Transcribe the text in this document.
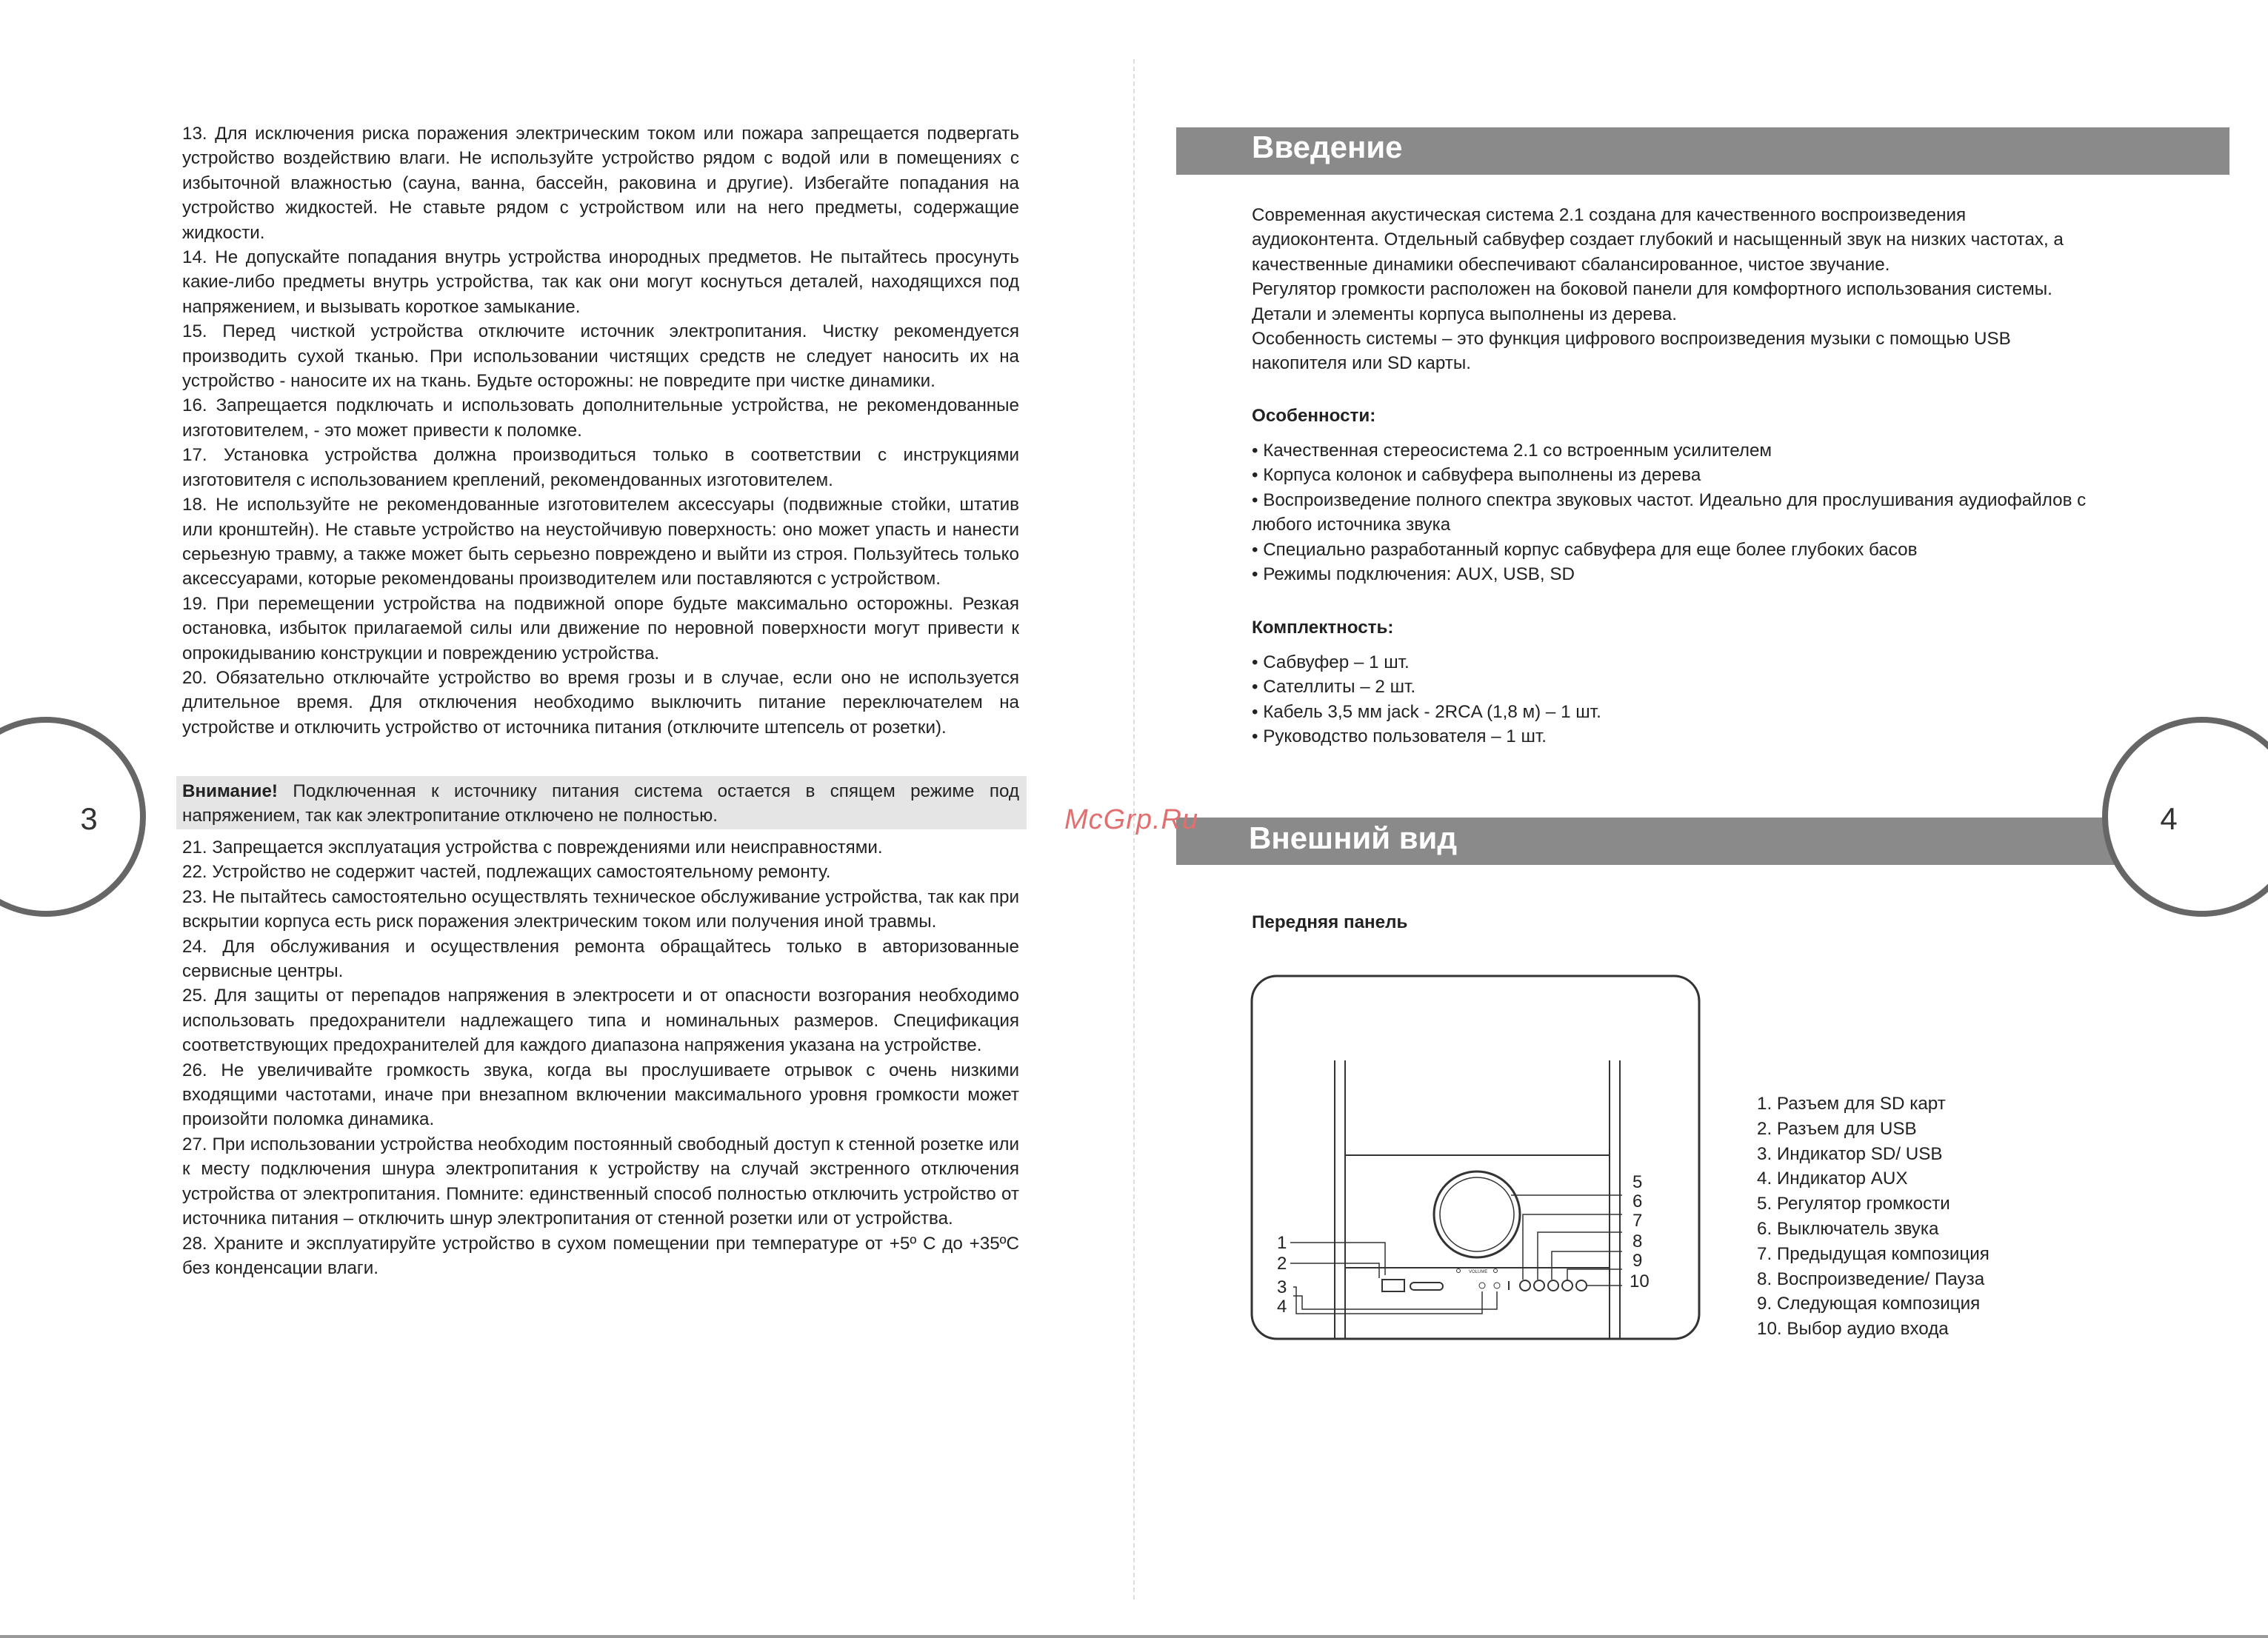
13. Для исключения риска поражения электрическим током или пожара запрещается подвергать устройство воздействию влаги. Не используйте устройство рядом с водой или в помещениях с избыточной влажностью (сауна, ванна, бассейн, раковина и другие). Избегайте попадания на устройство жидкостей. Не ставьте рядом с устройством или на него предметы, содержащие жидкости.

14. Не допускайте попадания внутрь устройства инородных предметов. Не пытайтесь просунуть какие-либо предметы внутрь устройства, так как они могут коснуться деталей, находящихся под напряжением, и вызывать короткое замыкание.

15. Перед чисткой устройства отключите источник электропитания. Чистку рекомендуется производить сухой тканью. При использовании чистящих средств не следует наносить их на устройство - наносите их на ткань. Будьте осторожны: не повредите при чистке динамики.

16. Запрещается подключать и использовать дополнительные устройства, не рекомендованные изготовителем, - это может привести к поломке.

17. Установка устройства должна производиться только в соответствии с инструкциями изготовителя с использованием креплений, рекомендованных изготовителем.

18. Не используйте не рекомендованные изготовителем аксессуары (подвижные стойки, штатив или кронштейн). Не ставьте устройство на неустойчивую поверхность: оно может упасть и нанести серьезную травму, а также может быть серьезно повреждено и выйти из строя. Пользуйтесь только аксессуарами, которые рекомендованы производителем или поставляются с устройством.

19. При перемещении устройства на подвижной опоре будьте максимально осторожны. Резкая остановка, избыток прилагаемой силы или движение по неровной поверхности могут привести к опрокидыванию конструкции и повреждению устройства.

20. Обязательно отключайте устройство во время грозы и в случае, если оно не используется длительное время. Для отключения необходимо выключить питание переключателем на устройстве и отключить устройство от источника питания (отключите штепсель от розетки).

Внимание! Подключенная к источнику питания система остается в спящем режиме под напряжением, так как электропитание отключено не полностью.

21. Запрещается эксплуатация устройства с повреждениями или неисправностями.

22. Устройство не содержит частей, подлежащих самостоятельному ремонту.

23. Не пытайтесь самостоятельно осуществлять техническое обслуживание устройства, так как при вскрытии корпуса есть риск поражения электрическим током или получения иной травмы.

24. Для обслуживания и осуществления ремонта обращайтесь только в авторизованные сервисные центры.

25. Для защиты от перепадов напряжения в электросети и от опасности возгорания необходимо использовать предохранители надлежащего типа и номинальных размеров. Спецификация соответствующих предохранителей для каждого диапазона напряжения указана на устройстве.

26. Не увеличивайте громкость звука, когда вы прослушиваете отрывок с очень низкими входящими частотами, иначе при внезапном включении максимального уровня громкости может произойти поломка динамика.

27. При использовании устройства необходим постоянный свободный доступ к стенной розетке или к месту подключения шнура электропитания к устройству на случай экстренного отключения устройства от электропитания. Помните: единственный способ полностью отключить устройство от источника питания – отключить шнур электропитания от стенной розетки или от устройства.

28. Храните и эксплуатируйте устройство в сухом помещении при температуре от +5º С до +35ºС без конденсации влаги.

3
Введение

Современная акустическая система 2.1 создана для качественного воспроизведения аудиоконтента. Отдельный сабвуфер создает глубокий и насыщенный звук на низких частотах, а качественные динамики обеспечивают сбалансированное, чистое звучание.

Регулятор громкости расположен на боковой панели для комфортного использования системы. Детали и элементы корпуса выполнены из дерева.

Особенность системы – это функция цифрового воспроизведения музыки с помощью USB накопителя или SD карты.

Особенности:

• Качественная стереосистема 2.1 со встроенным усилителем

• Корпуса колонок и сабвуфера выполнены из дерева

• Воспроизведение полного спектра звуковых частот. Идеально для прослушивания аудиофайлов с любого источника звука

• Специально разработанный корпус сабвуфера для еще более глубоких басов

• Режимы подключения: AUX, USB, SD

Комплектность:

• Сабвуфер – 1 шт.

• Сателлиты – 2 шт.

• Кабель 3,5 мм jack - 2RCA (1,8 м) – 1 шт.

• Руководство пользователя – 1 шт.

Внешний вид
McGrp.Ru
Передняя панель
VOLUME
1
2
3
4
5
6
7
8
9
10

1. Разъем для SD карт

2. Разъем для USB

3. Индикатор SD/ USB

4. Индикатор AUX

5. Регулятор громкости

6. Выключатель звука

7. Предыдущая композиция

8. Воспроизведение/ Пауза

9. Следующая композиция

10. Выбор аудио входа

4
